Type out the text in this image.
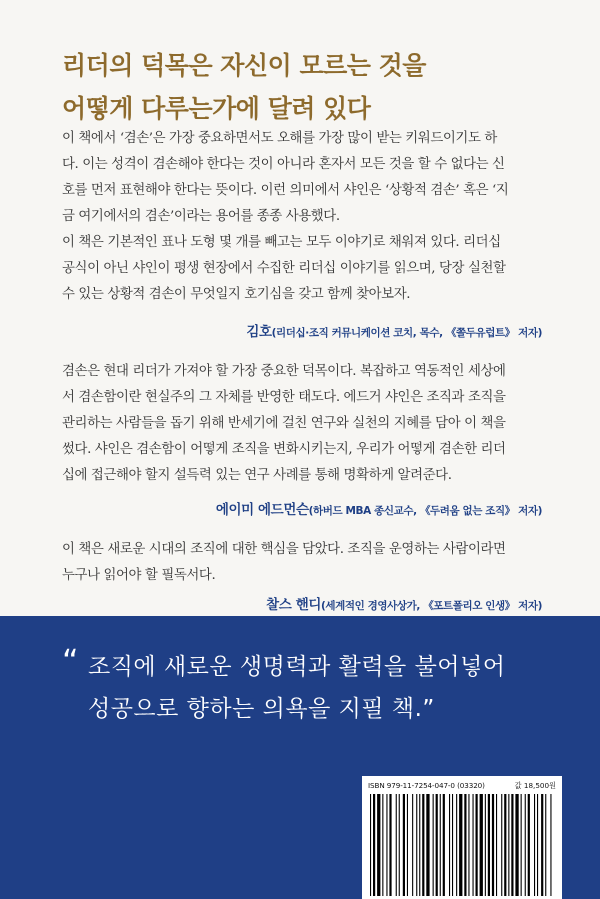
리더의 덕목은 자신이 모르는 것을
어떻게 다루는가에 달려 있다
이 책에서 ‘겸손’은 가장 중요하면서도 오해를 가장 많이 받는 키워드이기도 하
다. 이는 성격이 겸손해야 한다는 것이 아니라 혼자서 모든 것을 할 수 없다는 신
호를 먼저 표현해야 한다는 뜻이다. 이런 의미에서 샤인은 ‘상황적 겸손’ 혹은 ‘지
금 여기에서의 겸손’이라는 용어를 종종 사용했다.
이 책은 기본적인 표나 도형 몇 개를 빼고는 모두 이야기로 채워져 있다. 리더십
공식이 아닌 샤인이 평생 현장에서 수집한 리더십 이야기를 읽으며, 당장 실천할
수 있는 상황적 겸손이 무엇일지 호기심을 갖고 함께 찾아보자.
김호(리더십·조직 커뮤니케이션 코치, 목수, 《쫄두유럽트》 저자)
겸손은 현대 리더가 가져야 할 가장 중요한 덕목이다. 복잡하고 역동적인 세상에
서 겸손함이란 현실주의 그 자체를 반영한 태도다. 에드거 샤인은 조직과 조직을
관리하는 사람들을 돕기 위해 반세기에 걸친 연구와 실천의 지혜를 담아 이 책을
썼다. 샤인은 겸손함이 어떻게 조직을 변화시키는지, 우리가 어떻게 겸손한 리더
십에 접근해야 할지 설득력 있는 연구 사례를 통해 명확하게 알려준다.
에이미 에드먼슨(하버드 MBA 종신교수, 《두려움 없는 조직》 저자)
이 책은 새로운 시대의 조직에 대한 핵심을 담았다. 조직을 운영하는 사람이라면
누구나 읽어야 할 필독서다.
찰스 핸디(세계적인 경영사상가, 《포트폴리오 인생》 저자)
“ 조직에 새로운 생명력과 활력을 불어넣어
성공으로 향하는 의욕을 지필 책.”
ISBN 979-11-7254-047-0 (03320)	값 18,500원
